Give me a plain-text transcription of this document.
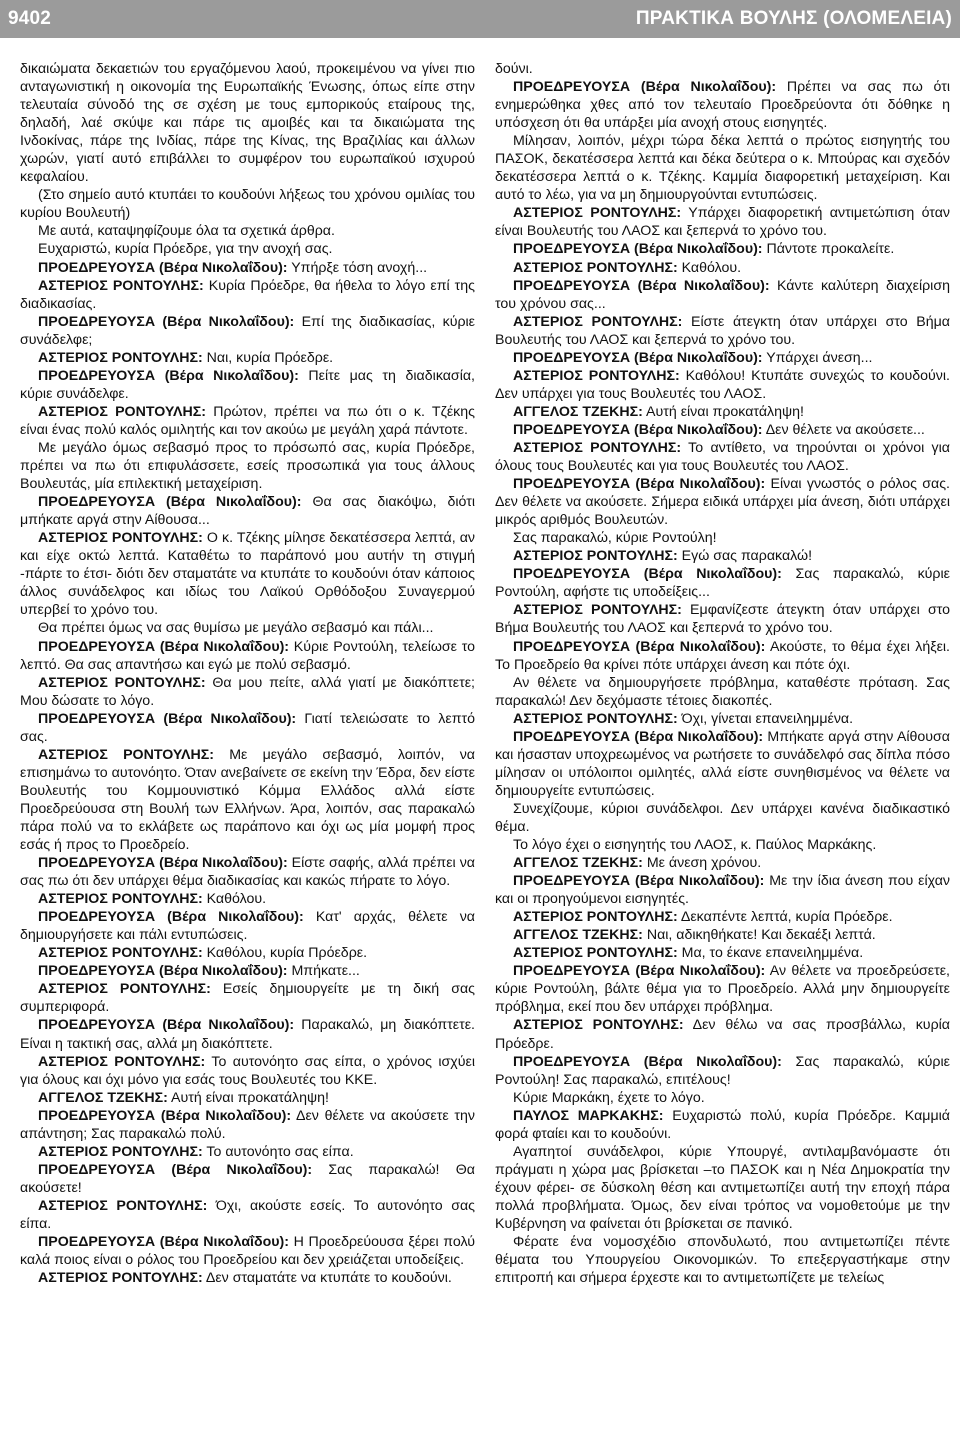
9402	ΠΡΑΚΤΙΚΑ ΒΟΥΛΗΣ (ΟΛΟΜΕΛΕΙΑ)

δικαιώματα δεκαετιών του εργαζόμενου λαού, προκειμένου να γίνει πιο ανταγωνιστική η οικονομία της Ευρωπαϊκής Ένωσης, όπως είπε στην τελευταία σύνοδό της σε σχέση με τους εμπορικούς εταίρους της, δηλαδή, λαέ σκύψε και πάρε τις αμοιβές και τα δικαιώματα της Ινδοκίνας, πάρε της Ινδίας, πάρε της Κίνας, της Βραζιλίας και άλλων χωρών, γιατί αυτό επιβάλλει το συμφέρον του ευρωπαϊκού ισχυρού κεφαλαίου.

(Στο σημείο αυτό κτυπάει το κουδούνι λήξεως του χρόνου ομιλίας του κυρίου Βουλευτή)

Με αυτά, καταψηφίζουμε όλα τα σχετικά άρθρα.

Ευχαριστώ, κυρία Πρόεδρε, για την ανοχή σας.

ΠΡΟΕΔΡΕΥΟΥΣΑ (Βέρα Νικολαΐδου): Υπήρξε τόση ανοχή...

ΑΣΤΕΡΙΟΣ ΡΟΝΤΟΥΛΗΣ: Κυρία Πρόεδρε, θα ήθελα το λόγο επί της διαδικασίας.

ΠΡΟΕΔΡΕΥΟΥΣΑ (Βέρα Νικολαΐδου): Επί της διαδικασίας, κύριε συνάδελφε;

ΑΣΤΕΡΙΟΣ ΡΟΝΤΟΥΛΗΣ: Ναι, κυρία Πρόεδρε.

ΠΡΟΕΔΡΕΥΟΥΣΑ (Βέρα Νικολαΐδου): Πείτε μας τη διαδικασία, κύριε συνάδελφε.

ΑΣΤΕΡΙΟΣ ΡΟΝΤΟΥΛΗΣ: Πρώτον, πρέπει να πω ότι ο κ. Τζέκης είναι ένας πολύ καλός ομιλητής και τον ακούω με μεγάλη χαρά πάντοτε.

Με μεγάλο όμως σεβασμό προς το πρόσωπό σας, κυρία Πρόεδρε, πρέπει να πω ότι επιφυλάσσετε, εσείς προσωπικά για τους άλλους Βουλευτάς, μία επιλεκτική μεταχείριση.

ΠΡΟΕΔΡΕΥΟΥΣΑ (Βέρα Νικολαΐδου): Θα σας διακόψω, διότι μπήκατε αργά στην Αίθουσα...

ΑΣΤΕΡΙΟΣ ΡΟΝΤΟΥΛΗΣ: Ο κ. Τζέκης μίλησε δεκατέσσερα λεπτά, αν και είχε οκτώ λεπτά. Καταθέτω το παράπονό μου αυτήν τη στιγμή -πάρτε το έτσι- διότι δεν σταματάτε να κτυπάτε το κουδούνι όταν κάποιος άλλος συνάδελφος και ιδίως του Λαϊκού Ορθόδοξου Συναγερμού υπερβεί το χρόνο του.

Θα πρέπει όμως να σας θυμίσω με μεγάλο σεβασμό και πάλι...

ΠΡΟΕΔΡΕΥΟΥΣΑ (Βέρα Νικολαΐδου): Κύριε Ροντούλη, τελείωσε το λεπτό. Θα σας απαντήσω και εγώ με πολύ σεβασμό.

ΑΣΤΕΡΙΟΣ ΡΟΝΤΟΥΛΗΣ: Θα μου πείτε, αλλά γιατί με διακόπτετε; Μου δώσατε το λόγο.

ΠΡΟΕΔΡΕΥΟΥΣΑ (Βέρα Νικολαΐδου): Γιατί τελειώσατε το λεπτό σας.

ΑΣΤΕΡΙΟΣ ΡΟΝΤΟΥΛΗΣ: Με μεγάλο σεβασμό, λοιπόν, να επισημάνω το αυτονόητο. Όταν ανεβαίνετε σε εκείνη την Έδρα, δεν είστε Βουλευτής του Κομμουνιστικό Κόμμα Ελλάδος αλλά είστε Προεδρεύουσα στη Βουλή των Ελλήνων. Άρα, λοιπόν, σας παρακαλώ πάρα πολύ να το εκλάβετε ως παράπονο και όχι ως μία μομφή προς εσάς ή προς το Προεδρείο.

ΠΡΟΕΔΡΕΥΟΥΣΑ (Βέρα Νικολαΐδου): Είστε σαφής, αλλά πρέπει να σας πω ότι δεν υπάρχει θέμα διαδικασίας και κακώς πήρατε το λόγο.

ΑΣΤΕΡΙΟΣ ΡΟΝΤΟΥΛΗΣ: Καθόλου.

ΠΡΟΕΔΡΕΥΟΥΣΑ (Βέρα Νικολαΐδου): Κατ' αρχάς, θέλετε να δημιουργήσετε και πάλι εντυπώσεις.

ΑΣΤΕΡΙΟΣ ΡΟΝΤΟΥΛΗΣ: Καθόλου, κυρία Πρόεδρε.

ΠΡΟΕΔΡΕΥΟΥΣΑ (Βέρα Νικολαΐδου): Μπήκατε...

ΑΣΤΕΡΙΟΣ ΡΟΝΤΟΥΛΗΣ: Εσείς δημιουργείτε με τη δική σας συμπεριφορά.

ΠΡΟΕΔΡΕΥΟΥΣΑ (Βέρα Νικολαΐδου): Παρακαλώ, μη διακόπτετε. Είναι η τακτική σας, αλλά μη διακόπτετε.

ΑΣΤΕΡΙΟΣ ΡΟΝΤΟΥΛΗΣ: Το αυτονόητο σας είπα, ο χρόνος ισχύει για όλους και όχι μόνο για εσάς τους Βουλευτές του ΚΚΕ.

ΑΓΓΕΛΟΣ ΤΖΕΚΗΣ: Αυτή είναι προκατάληψη!

ΠΡΟΕΔΡΕΥΟΥΣΑ (Βέρα Νικολαΐδου): Δεν θέλετε να ακούσετε την απάντηση; Σας παρακαλώ πολύ.

ΑΣΤΕΡΙΟΣ ΡΟΝΤΟΥΛΗΣ: Το αυτονόητο σας είπα.

ΠΡΟΕΔΡΕΥΟΥΣΑ (Βέρα Νικολαΐδου): Σας παρακαλώ! Θα ακούσετε!

ΑΣΤΕΡΙΟΣ ΡΟΝΤΟΥΛΗΣ: Όχι, ακούστε εσείς. Το αυτονόητο σας είπα.

ΠΡΟΕΔΡΕΥΟΥΣΑ (Βέρα Νικολαΐδου): Η Προεδρεύουσα ξέρει πολύ καλά ποιος είναι ο ρόλος του Προεδρείου και δεν χρειάζεται υποδείξεις.

ΑΣΤΕΡΙΟΣ ΡΟΝΤΟΥΛΗΣ: Δεν σταματάτε να κτυπάτε το κουδούνι.

δούνι.

ΠΡΟΕΔΡΕΥΟΥΣΑ (Βέρα Νικολαΐδου): Πρέπει να σας πω ότι ενημερώθηκα χθες από τον τελευταίο Προεδρεύοντα ότι δόθηκε η υπόσχεση ότι θα υπάρξει μία ανοχή στους εισηγητές.

Μίλησαν, λοιπόν, μέχρι τώρα δέκα λεπτά ο πρώτος εισηγητής του ΠΑΣΟΚ, δεκατέσσερα λεπτά και δέκα δεύτερα ο κ. Μπούρας και σχεδόν δεκατέσσερα λεπτά ο κ. Τζέκης. Καμμία διαφορετική μεταχείριση. Και αυτό το λέω, για να μη δημιουργούνται εντυπώσεις.

ΑΣΤΕΡΙΟΣ ΡΟΝΤΟΥΛΗΣ: Υπάρχει διαφορετική αντιμετώπιση όταν είναι Βουλευτής του ΛΑΟΣ και ξεπερνά το χρόνο του.

ΠΡΟΕΔΡΕΥΟΥΣΑ (Βέρα Νικολαΐδου): Πάντοτε προκαλείτε.

ΑΣΤΕΡΙΟΣ ΡΟΝΤΟΥΛΗΣ: Καθόλου.

ΠΡΟΕΔΡΕΥΟΥΣΑ (Βέρα Νικολαΐδου): Κάντε καλύτερη διαχείριση του χρόνου σας...

ΑΣΤΕΡΙΟΣ ΡΟΝΤΟΥΛΗΣ: Είστε άτεγκτη όταν υπάρχει στο Βήμα Βουλευτής του ΛΑΟΣ και ξεπερνά το χρόνο του.

ΠΡΟΕΔΡΕΥΟΥΣΑ (Βέρα Νικολαΐδου): Υπάρχει άνεση...

ΑΣΤΕΡΙΟΣ ΡΟΝΤΟΥΛΗΣ: Καθόλου! Κτυπάτε συνεχώς το κουδούνι. Δεν υπάρχει για τους Βουλευτές του ΛΑΟΣ.

ΑΓΓΕΛΟΣ ΤΖΕΚΗΣ: Αυτή είναι προκατάληψη!

ΠΡΟΕΔΡΕΥΟΥΣΑ (Βέρα Νικολαΐδου): Δεν θέλετε να ακούσετε...

ΑΣΤΕΡΙΟΣ ΡΟΝΤΟΥΛΗΣ: Το αντίθετο, να τηρούνται οι χρόνοι για όλους τους Βουλευτές και για τους Βουλευτές του ΛΑΟΣ.

ΠΡΟΕΔΡΕΥΟΥΣΑ (Βέρα Νικολαΐδου): Είναι γνωστός ο ρόλος σας. Δεν θέλετε να ακούσετε. Σήμερα ειδικά υπάρχει μία άνεση, διότι υπάρχει μικρός αριθμός Βουλευτών.

Σας παρακαλώ, κύριε Ροντούλη!

ΑΣΤΕΡΙΟΣ ΡΟΝΤΟΥΛΗΣ: Εγώ σας παρακαλώ!

ΠΡΟΕΔΡΕΥΟΥΣΑ (Βέρα Νικολαΐδου): Σας παρακαλώ, κύριε Ροντούλη, αφήστε τις υποδείξεις...

ΑΣΤΕΡΙΟΣ ΡΟΝΤΟΥΛΗΣ: Εμφανίζεστε άτεγκτη όταν υπάρχει στο Βήμα Βουλευτής του ΛΑΟΣ και ξεπερνά το χρόνο του.

ΠΡΟΕΔΡΕΥΟΥΣΑ (Βέρα Νικολαΐδου): Ακούστε, το θέμα έχει λήξει. Το Προεδρείο θα κρίνει πότε υπάρχει άνεση και πότε όχι.

Αν θέλετε να δημιουργήσετε πρόβλημα, καταθέστε πρόταση. Σας παρακαλώ! Δεν δεχόμαστε τέτοιες διακοπές.

ΑΣΤΕΡΙΟΣ ΡΟΝΤΟΥΛΗΣ: Όχι, γίνεται επανειλημμένα.

ΠΡΟΕΔΡΕΥΟΥΣΑ (Βέρα Νικολαΐδου): Μπήκατε αργά στην Αίθουσα και ήσασταν υποχρεωμένος να ρωτήσετε το συνάδελφό σας δίπλα πόσο μίλησαν οι υπόλοιποι ομιλητές, αλλά είστε συνηθισμένος να θέλετε να δημιουργείτε εντυπώσεις.

Συνεχίζουμε, κύριοι συνάδελφοι. Δεν υπάρχει κανένα διαδικαστικό θέμα.

Το λόγο έχει ο εισηγητής του ΛΑΟΣ, κ. Παύλος Μαρκάκης.

ΑΓΓΕΛΟΣ ΤΖΕΚΗΣ: Με άνεση χρόνου.

ΠΡΟΕΔΡΕΥΟΥΣΑ (Βέρα Νικολαΐδου): Με την ίδια άνεση που είχαν και οι προηγούμενοι εισηγητές.

ΑΣΤΕΡΙΟΣ ΡΟΝΤΟΥΛΗΣ: Δεκαπέντε λεπτά, κυρία Πρόεδρε.

ΑΓΓΕΛΟΣ ΤΖΕΚΗΣ: Ναι, αδικηθήκατε! Και δεκαέξι λεπτά.

ΑΣΤΕΡΙΟΣ ΡΟΝΤΟΥΛΗΣ: Μα, το έκανε επανειλημμένα.

ΠΡΟΕΔΡΕΥΟΥΣΑ (Βέρα Νικολαΐδου): Αν θέλετε να προεδρεύσετε, κύριε Ροντούλη, βάλτε θέμα για το Προεδρείο. Αλλά μην δημιουργείτε πρόβλημα, εκεί που δεν υπάρχει πρόβλημα.

ΑΣΤΕΡΙΟΣ ΡΟΝΤΟΥΛΗΣ: Δεν θέλω να σας προσβάλλω, κυρία Πρόεδρε.

ΠΡΟΕΔΡΕΥΟΥΣΑ (Βέρα Νικολαΐδου): Σας παρακαλώ, κύριε Ροντούλη! Σας παρακαλώ, επιτέλους!

Κύριε Μαρκάκη, έχετε το λόγο.

ΠΑΥΛΟΣ ΜΑΡΚΑΚΗΣ: Ευχαριστώ πολύ, κυρία Πρόεδρε. Καμμιά φορά φταίει και το κουδούνι.

Αγαπητοί συνάδελφοι, κύριε Υπουργέ, αντιλαμβανόμαστε ότι πράγματι η χώρα μας βρίσκεται –το ΠΑΣΟΚ και η Νέα Δημοκρατία την έχουν φέρει- σε δύσκολη θέση και αντιμετωπίζει αυτή την εποχή πάρα πολλά προβλήματα. Όμως, δεν είναι τρόπος να νομοθετούμε με την Κυβέρνηση να φαίνεται ότι βρίσκεται σε πανικό.

Φέρατε ένα νομοσχέδιο σπονδυλωτό, που αντιμετωπίζει πέντε θέματα του Υπουργείου Οικονομικών. Το επεξεργαστήκαμε στην επιτροπή και σήμερα έρχεστε και το αντιμετωπίζετε με τελείως
